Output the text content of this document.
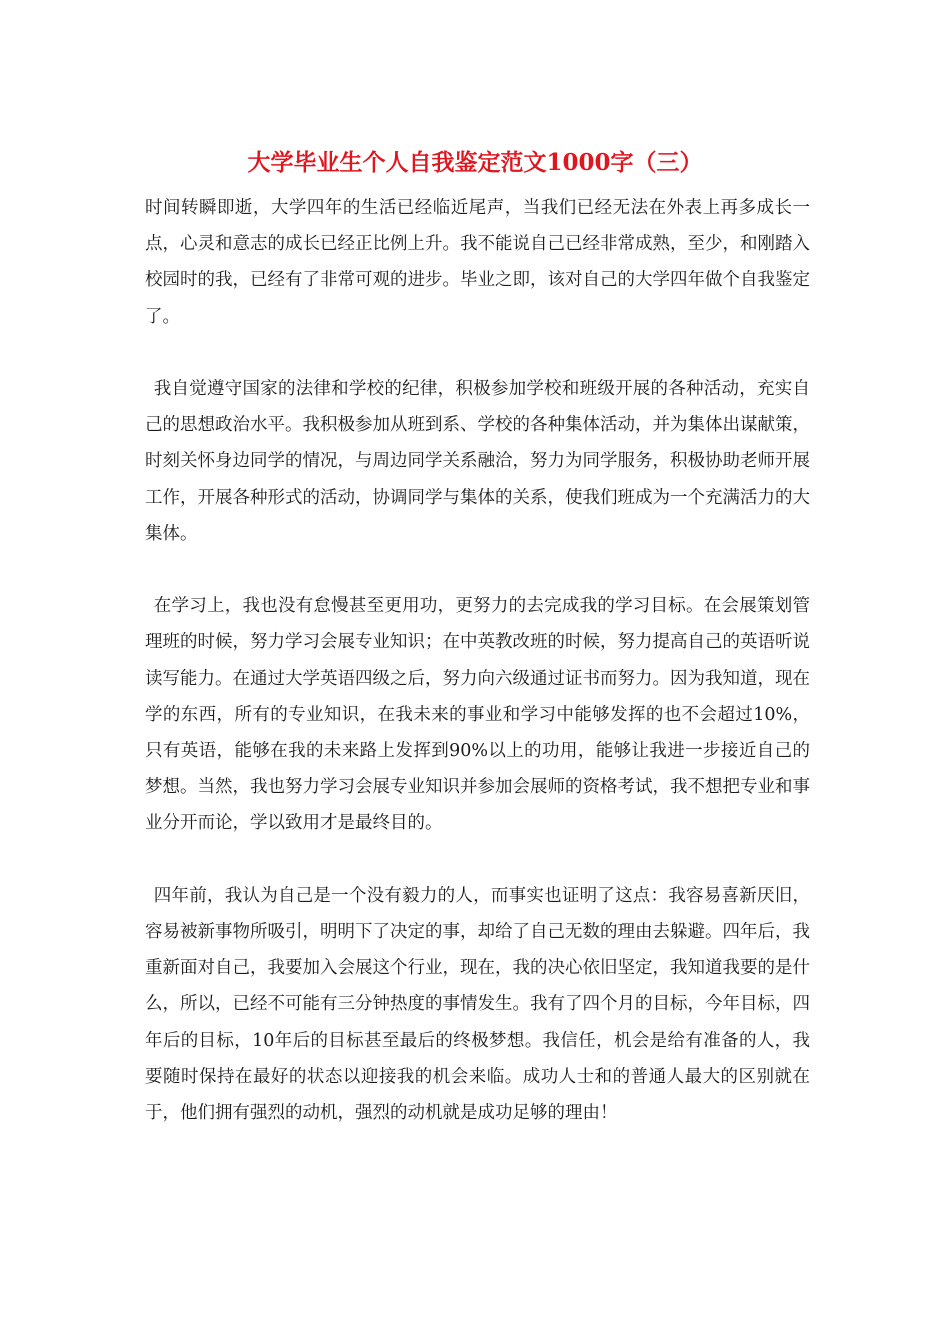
大学毕业生个人自我鉴定范文1000字（三）

时间转瞬即逝，大学四年的生活已经临近尾声，当我们已经无法在外表上再多成长一点，心灵和意志的成长已经正比例上升。我不能说自己已经非常成熟，至少，和刚踏入校园时的我，已经有了非常可观的进步。毕业之即，该对自己的大学四年做个自我鉴定了。

我自觉遵守国家的法律和学校的纪律，积极参加学校和班级开展的各种活动，充实自己的思想政治水平。我积极参加从班到系、学校的各种集体活动，并为集体出谋献策，时刻关怀身边同学的情况，与周边同学关系融洽，努力为同学服务，积极协助老师开展工作，开展各种形式的活动，协调同学与集体的关系，使我们班成为一个充满活力的大集体。

在学习上，我也没有怠慢甚至更用功，更努力的去完成我的学习目标。在会展策划管理班的时候，努力学习会展专业知识；在中英教改班的时候，努力提高自己的英语听说读写能力。在通过大学英语四级之后，努力向六级通过证书而努力。因为我知道，现在学的东西，所有的专业知识，在我未来的事业和学习中能够发挥的也不会超过10%，只有英语，能够在我的未来路上发挥到90%以上的功用，能够让我进一步接近自己的梦想。当然，我也努力学习会展专业知识并参加会展师的资格考试，我不想把专业和事业分开而论，学以致用才是最终目的。

四年前，我认为自己是一个没有毅力的人，而事实也证明了这点：我容易喜新厌旧，容易被新事物所吸引，明明下了决定的事，却给了自己无数的理由去躲避。四年后，我重新面对自己，我要加入会展这个行业，现在，我的决心依旧坚定，我知道我要的是什么，所以，已经不可能有三分钟热度的事情发生。我有了四个月的目标，今年目标，四年后的目标，10年后的目标甚至最后的终极梦想。我信任，机会是给有准备的人，我要随时保持在最好的状态以迎接我的机会来临。成功人士和的普通人最大的区别就在于，他们拥有强烈的动机，强烈的动机就是成功足够的理由！
